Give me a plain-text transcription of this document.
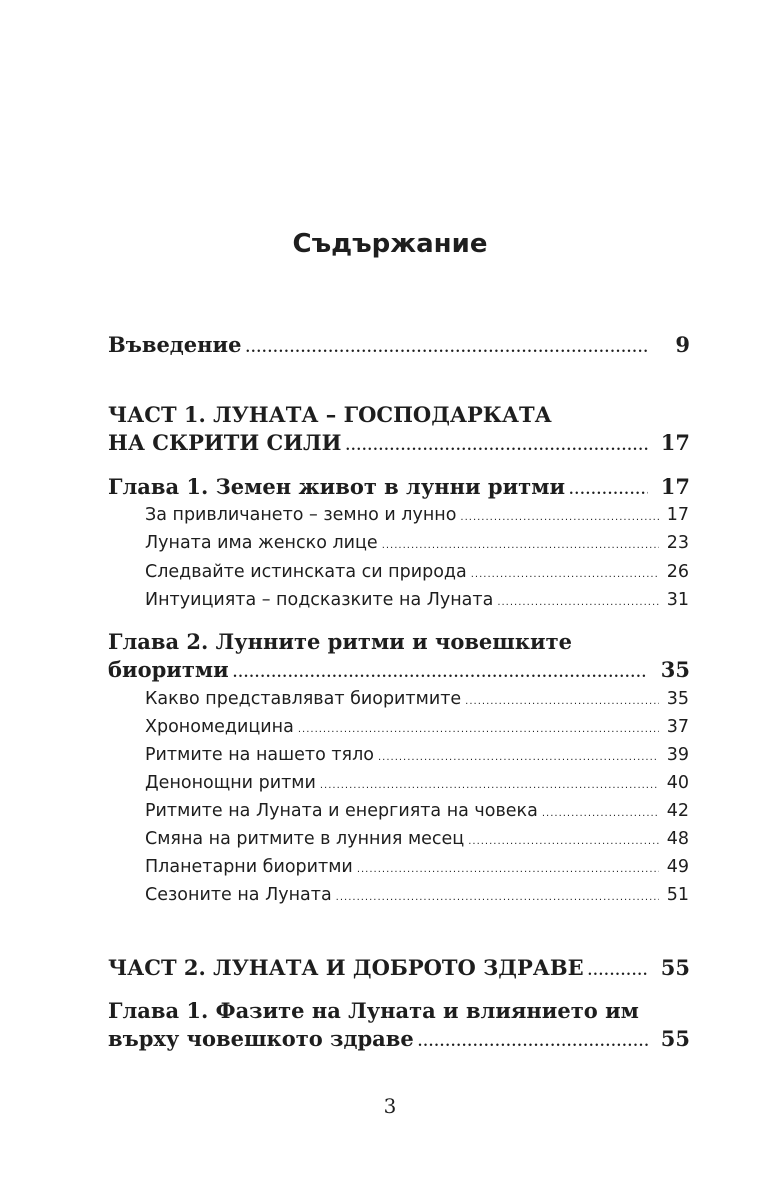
Съдържание
Въведение .....	9
ЧАСТ 1. ЛУНАТА – ГОСПОДАРКАТА
НА СКРИТИ СИЛИ .....	17
Глава 1. Земен живот в лунни ритми .....	17
За привличането – земно и лунно .....	17
Луната има женско лице .....	23
Следвайте истинската си природа .....	26
Интуицията – подсказките на Луната .....	31
Глава 2. Лунните ритми и човешките
биоритми .....	35
Какво представляват биоритмите .....	35
Хрономедицина .....	37
Ритмите на нашето тяло .....	39
Денонощни ритми .....	40
Ритмите на Луната и енергията на човека .....	42
Смяна на ритмите в лунния месец .....	48
Планетарни биоритми .....	49
Сезоните на Луната .....	51
ЧАСТ 2. ЛУНАТА И ДОБРОТО ЗДРАВЕ .....	55
Глава 1. Фазите на Луната и влиянието им
върху човешкото здраве .....	55
3
